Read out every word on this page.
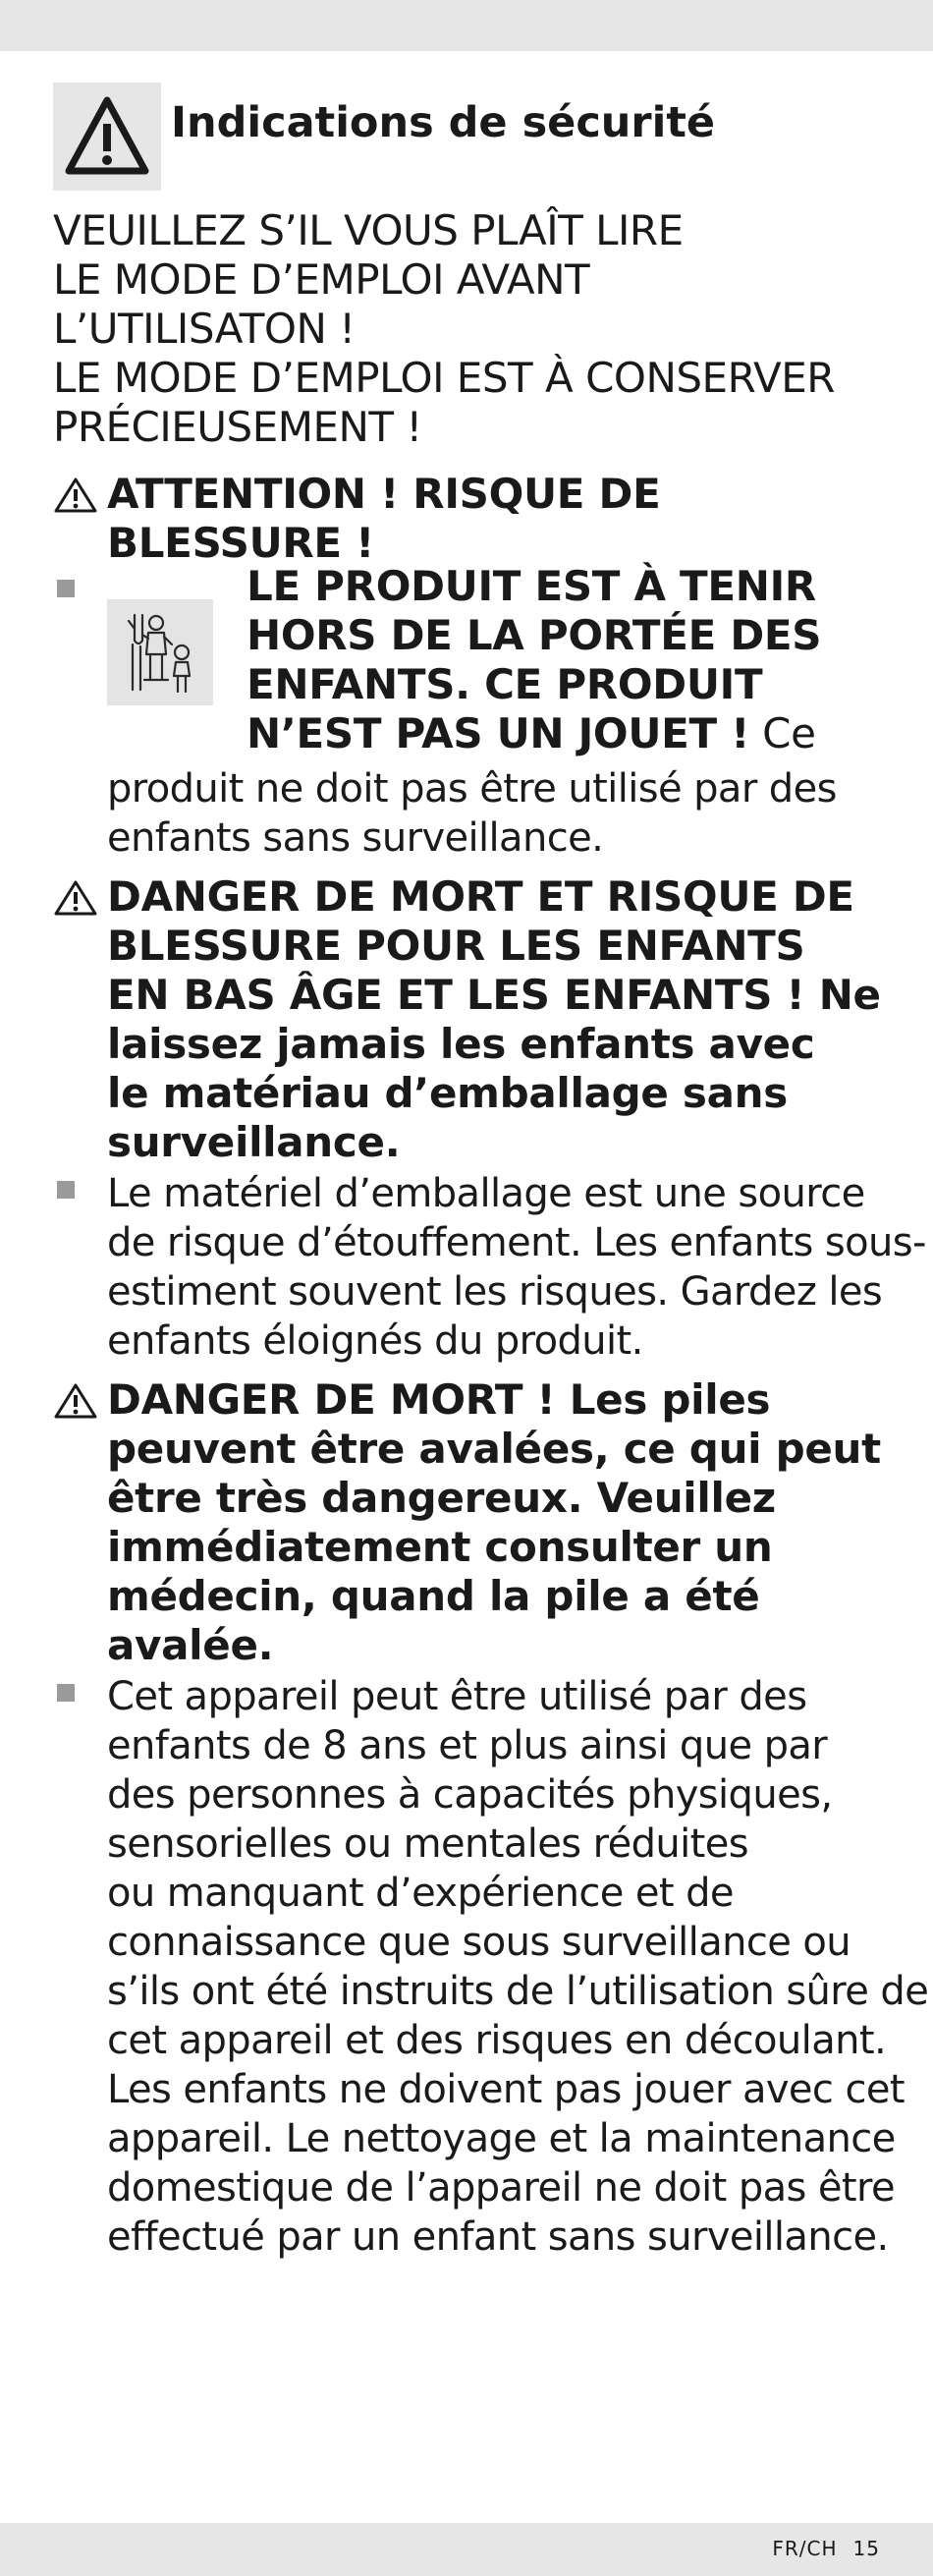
Indications de sécurité
VEUILLEZ S’IL VOUS PLAÎT LIRE
LE MODE D’EMPLOI AVANT
L’UTILISATON !
LE MODE D’EMPLOI EST À CONSERVER
PRÉCIEUSEMENT !
ATTENTION ! RISQUE DE
BLESSURE !
LE PRODUIT EST À TENIR
HORS DE LA PORTÉE DES
ENFANTS. CE PRODUIT
N’EST PAS UN JOUET ! Ce
produit ne doit pas être utilisé par des
enfants sans surveillance.
DANGER DE MORT ET RISQUE DE
BLESSURE POUR LES ENFANTS
EN BAS ÂGE ET LES ENFANTS ! Ne
laissez jamais les enfants avec
le matériau d’emballage sans
surveillance.
Le matériel d’emballage est une source
de risque d’étouffement. Les enfants sous-
estiment souvent les risques. Gardez les
enfants éloignés du produit.
DANGER DE MORT ! Les piles
peuvent être avalées, ce qui peut
être très dangereux. Veuillez
immédiatement consulter un
médecin, quand la pile a été
avalée.
Cet appareil peut être utilisé par des
enfants de 8 ans et plus ainsi que par
des personnes à capacités physiques,
sensorielles ou mentales réduites
ou manquant d’expérience et de
connaissance que sous surveillance ou
s’ils ont été instruits de l’utilisation sûre de
cet appareil et des risques en découlant.
Les enfants ne doivent pas jouer avec cet
appareil. Le nettoyage et la maintenance
domestique de l’appareil ne doit pas être
effectué par un enfant sans surveillance.
FR/CH 15
